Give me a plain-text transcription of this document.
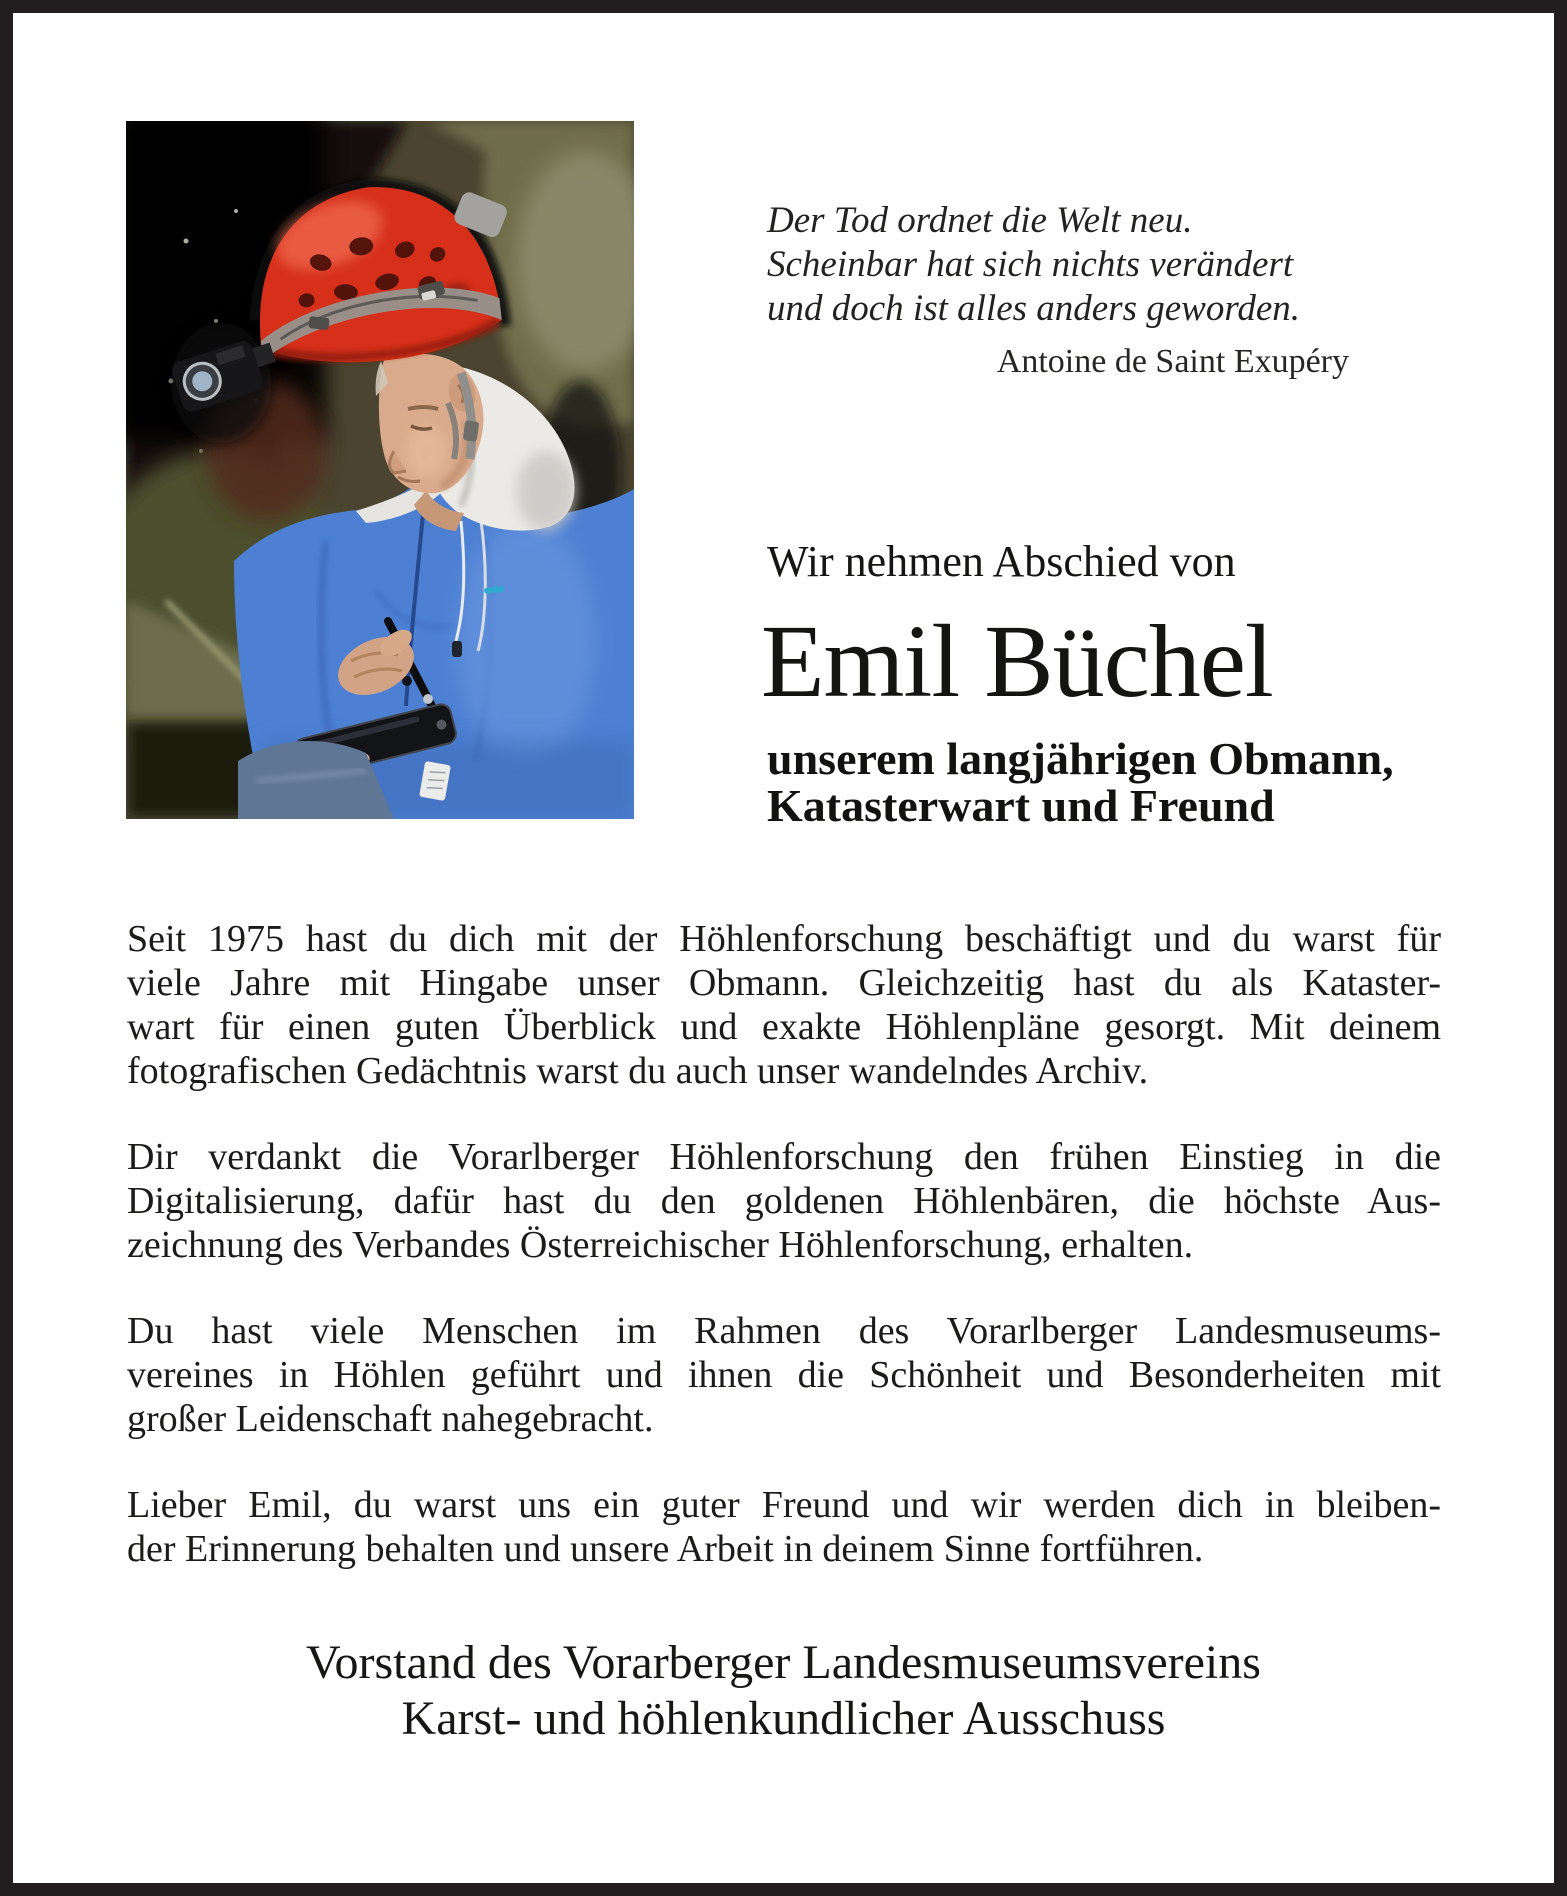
Der Tod ordnet die Welt neu.
Scheinbar hat sich nichts verändert
und doch ist alles anders geworden.
Antoine de Saint Exupéry
Wir nehmen Abschied von
Emil Büchel
unserem langjährigen Obmann,
Katasterwart und Freund
Seit 1975 hast du dich mit der Höhlenforschung beschäftigt und du warst für
viele Jahre mit Hingabe unser Obmann. Gleichzeitig hast du als Kataster-
wart für einen guten Überblick und exakte Höhlenpläne gesorgt. Mit deinem
fotografischen Gedächtnis warst du auch unser wandelndes Archiv.
Dir verdankt die Vorarlberger Höhlenforschung den frühen Einstieg in die
Digitalisierung, dafür hast du den goldenen Höhlenbären, die höchste Aus-
zeichnung des Verbandes Österreichischer Höhlenforschung, erhalten.
Du hast viele Menschen im Rahmen des Vorarlberger Landesmuseums-
vereines in Höhlen geführt und ihnen die Schönheit und Besonderheiten mit
großer Leidenschaft nahegebracht.
Lieber Emil, du warst uns ein guter Freund und wir werden dich in bleiben-
der Erinnerung behalten und unsere Arbeit in deinem Sinne fortführen.
Vorstand des Vorarberger Landesmuseumsvereins
Karst- und höhlenkundlicher Ausschuss
